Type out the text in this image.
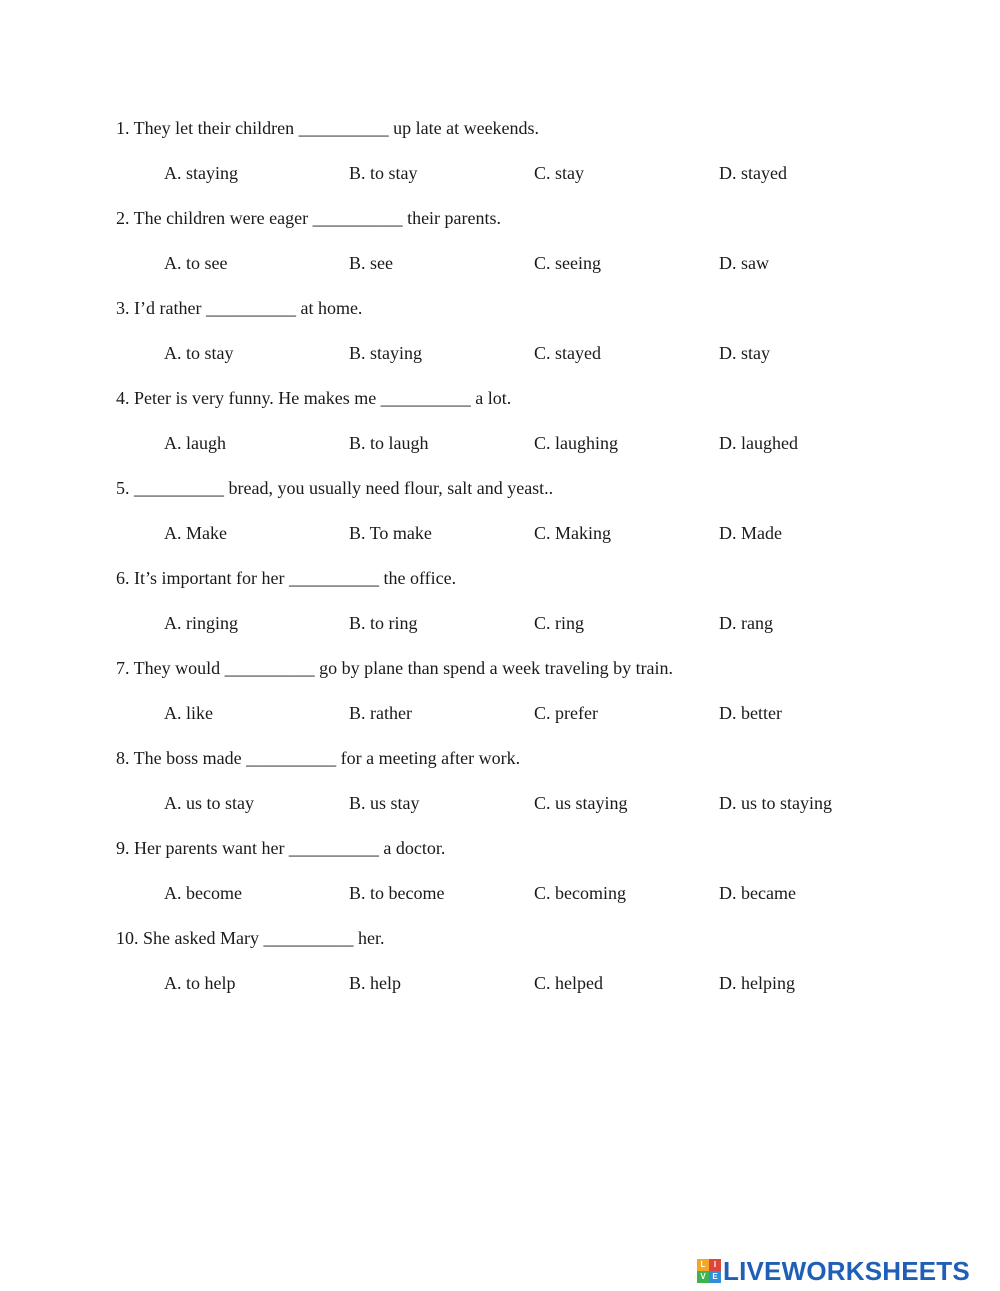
1. They let their children __________ up late at weekends.
A. staying	B. to stay	C. stay	D. stayed
2. The children were eager __________ their parents.
A. to see	B. see	C. seeing	D. saw
3. I’d rather __________ at home.
A. to stay	B. staying	C. stayed	D. stay
4. Peter is very funny. He makes me __________ a lot.
A. laugh	B. to laugh	C. laughing	D. laughed
5. __________ bread, you usually need flour, salt and yeast..
A. Make	B. To make	C. Making	D. Made
6. It’s important for her __________ the office.
A. ringing	B. to ring	C. ring	D. rang
7. They would __________ go by plane than spend a week traveling by train.
A. like	B. rather	C. prefer	D. better
8. The boss made __________ for a meeting after work.
A. us to stay	B. us stay	C. us staying	D. us to staying
9. Her parents want her __________ a doctor.
A. become	B. to become	C. becoming	D. became
10. She asked Mary __________ her.
A. to help	B. help	C. helped	D. helping
L	I
V E LIVEWORKSHEETS
